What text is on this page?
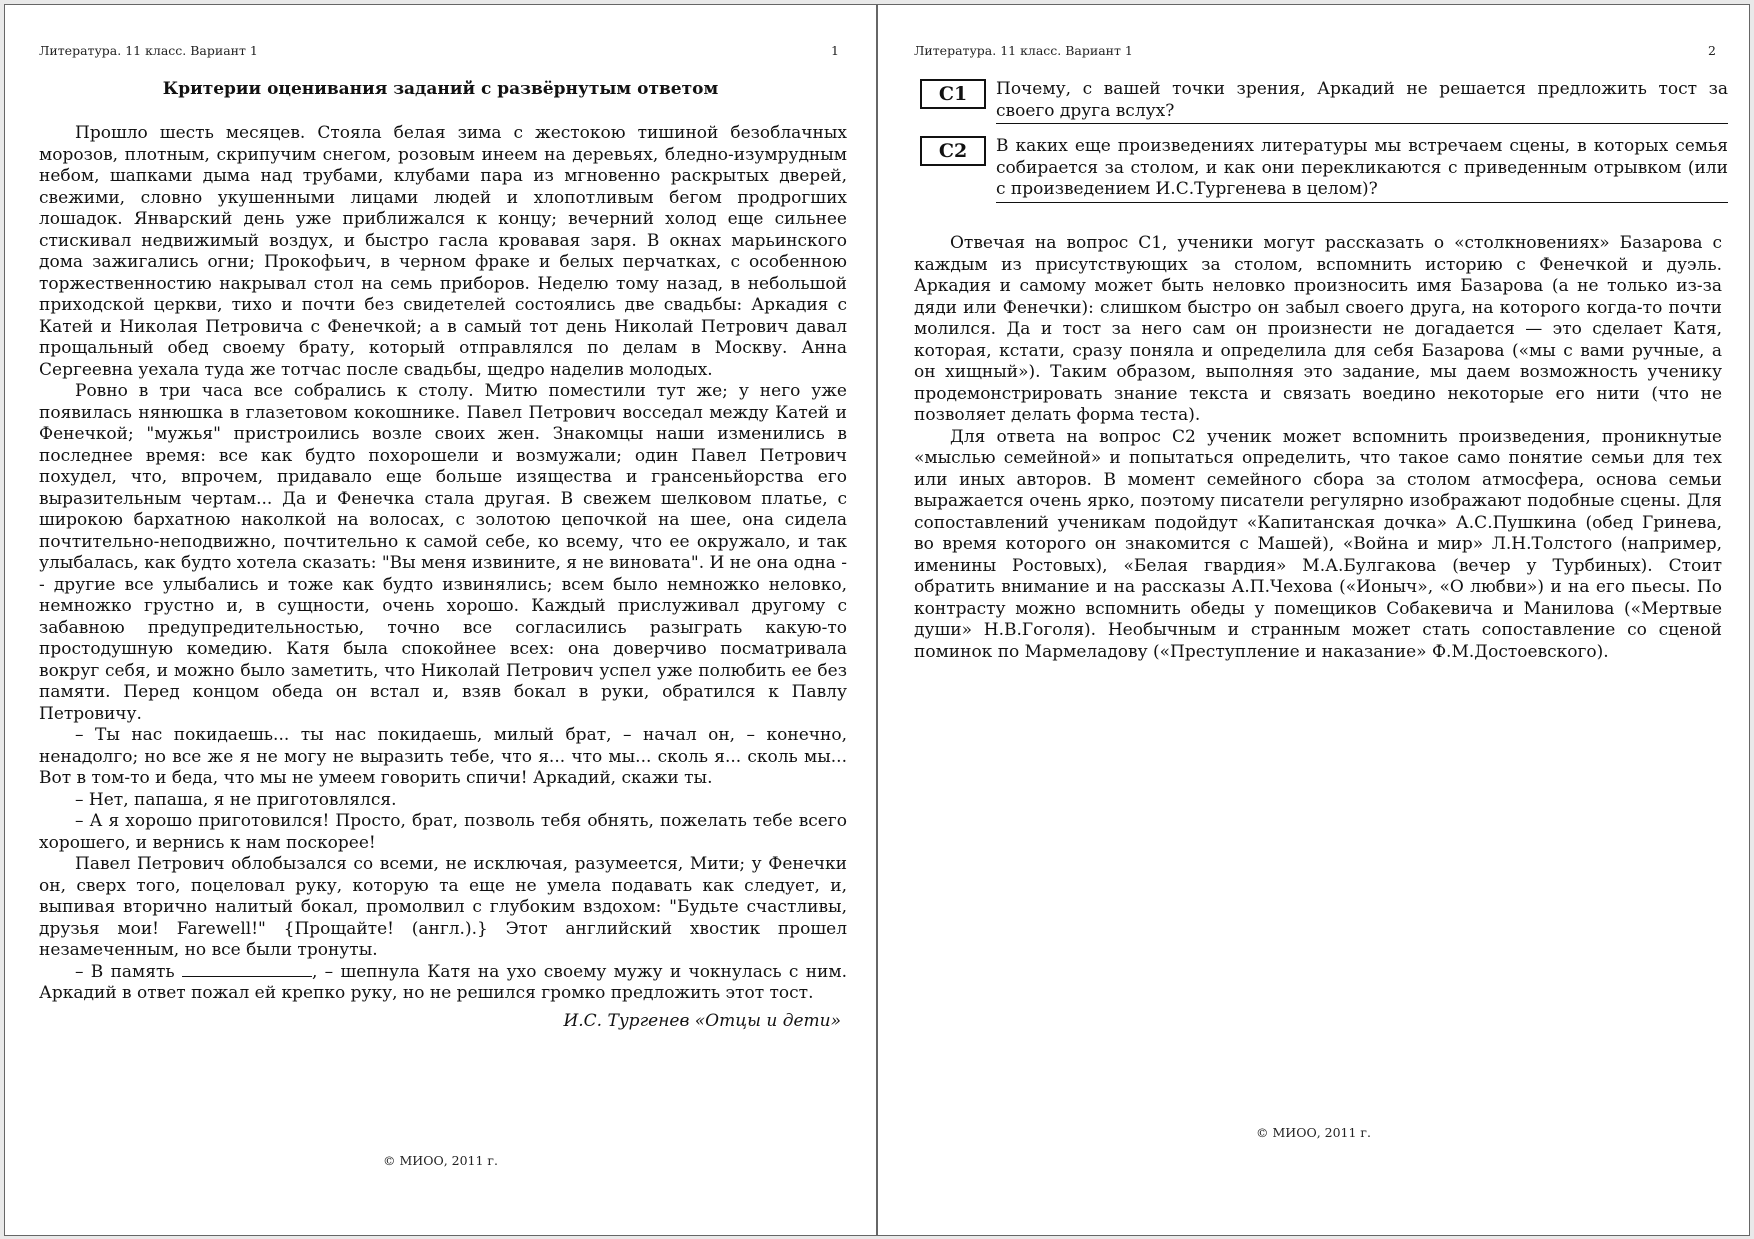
Литература. 11 класс. Вариант 1	1
Критерии оценивания заданий с развёрнутым ответом

Прошло шесть месяцев. Стояла белая зима с жестокою тишиной безоблачных морозов, плотным, скрипучим снегом, розовым инеем на деревьях, бледно-изумрудным небом, шапками дыма над трубами, клубами пара из мгновенно раскрытых дверей, свежими, словно укушенными лицами людей и хлопотливым бегом продрогших лошадок. Январский день уже приближался к концу; вечерний холод еще сильнее стискивал недвижимый воздух, и быстро гасла кровавая заря. В окнах марьинского дома зажигались огни; Прокофьич, в черном фраке и белых перчатках, с особенною торжественностию накрывал стол на семь приборов. Неделю тому назад, в небольшой приходской церкви, тихо и почти без свидетелей состоялись две свадьбы: Аркадия с Катей и Николая Петровича с Фенечкой; а в самый тот день Николай Петрович давал прощальный обед своему брату, который отправлялся по делам в Москву. Анна Сергеевна уехала туда же тотчас после свадьбы, щедро наделив молодых.

Ровно в три часа все собрались к столу. Митю поместили тут же; у него уже появилась нянюшка в глазетовом кокошнике. Павел Петрович восседал между Катей и Фенечкой; "мужья" пристроились возле своих жен. Знакомцы наши изменились в последнее время: все как будто похорошели и возмужали; один Павел Петрович похудел, что, впрочем, придавало еще больше изящества и грансеньйорства его выразительным чертам... Да и Фенечка стала другая. В свежем шелковом платье, с широкою бархатною наколкой на волосах, с золотою цепочкой на шее, она сидела почтительно-неподвижно, почтительно к самой себе, ко всему, что ее окружало, и так улыбалась, как будто хотела сказать: "Вы меня извините, я не виновата". И не она одна -- другие все улыбались и тоже как будто извинялись; всем было немножко неловко, немножко грустно и, в сущности, очень хорошо. Каждый прислуживал другому с забавною предупредительностью, точно все согласились разыграть какую-то простодушную комедию. Катя была спокойнее всех: она доверчиво посматривала вокруг себя, и можно было заметить, что Николай Петрович успел уже полюбить ее без памяти. Перед концом обеда он встал и, взяв бокал в руки, обратился к Павлу Петровичу.

– Ты нас покидаешь... ты нас покидаешь, милый брат, – начал он, – конечно, ненадолго; но все же я не могу не выразить тебе, что я... что мы... сколь я... сколь мы... Вот в том-то и беда, что мы не умеем говорить спичи! Аркадий, скажи ты.

– Нет, папаша, я не приготовлялся.

– А я хорошо приготовился! Просто, брат, позволь тебя обнять, пожелать тебе всего хорошего, и вернись к нам поскорее!

Павел Петрович облобызался со всеми, не исключая, разумеется, Мити; у Фенечки он, сверх того, поцеловал руку, которую та еще не умела подавать как следует, и, выпивая вторично налитый бокал, промолвил с глубоким вздохом: "Будьте счастливы, друзья мои! Farewell!" {Прощайте! (англ.).} Этот английский хвостик прошел незамеченным, но все были тронуты.

– В память	, – шепнула Катя на ухо своему мужу и чокнулась с ним. Аркадий в ответ пожал ей крепко руку, но не решился громко предложить этот тост.

И.С. Тургенев «Отцы и дети»
© МИОО, 2011 г.
Литература. 11 класс. Вариант 1	2
С1	Почему, с вашей точки зрения, Аркадий не решается предложить тост за своего друга вслух?
С2	В каких еще произведениях литературы мы встречаем сцены, в которых семья собирается за столом, и как они перекликаются с приведенным отрывком (или с произведением И.С.Тургенева в целом)?

Отвечая на вопрос С1, ученики могут рассказать о «столкновениях» Базарова с каждым из присутствующих за столом, вспомнить историю с Фенечкой и дуэль. Аркадия и самому может быть неловко произносить имя Базарова (а не только из-за дяди или Фенечки): слишком быстро он забыл своего друга, на которого когда-то почти молился. Да и тост за него сам он произнести не догадается — это сделает Катя, которая, кстати, сразу поняла и определила для себя Базарова («мы с вами ручные, а он хищный»). Таким образом, выполняя это задание, мы даем возможность ученику продемонстрировать знание текста и связать воедино некоторые его нити (что не позволяет делать форма теста).

Для ответа на вопрос С2 ученик может вспомнить произведения, проникнутые «мыслью семейной» и попытаться определить, что такое само понятие семьи для тех или иных авторов. В момент семейного сбора за столом атмосфера, основа семьи выражается очень ярко, поэтому писатели регулярно изображают подобные сцены. Для сопоставлений ученикам подойдут «Капитанская дочка» А.С.Пушкина (обед Гринева, во время которого он знакомится с Машей), «Война и мир» Л.Н.Толстого (например, именины Ростовых), «Белая гвардия» М.А.Булгакова (вечер у Турбиных). Стоит обратить внимание и на рассказы А.П.Чехова («Ионыч», «О любви») и на его пьесы. По контрасту можно вспомнить обеды у помещиков Собакевича и Манилова («Мертвые души» Н.В.Гоголя). Необычным и странным может стать сопоставление со сценой поминок по Мармеладову («Преступление и наказание» Ф.М.Достоевского).

© МИОО, 2011 г.
